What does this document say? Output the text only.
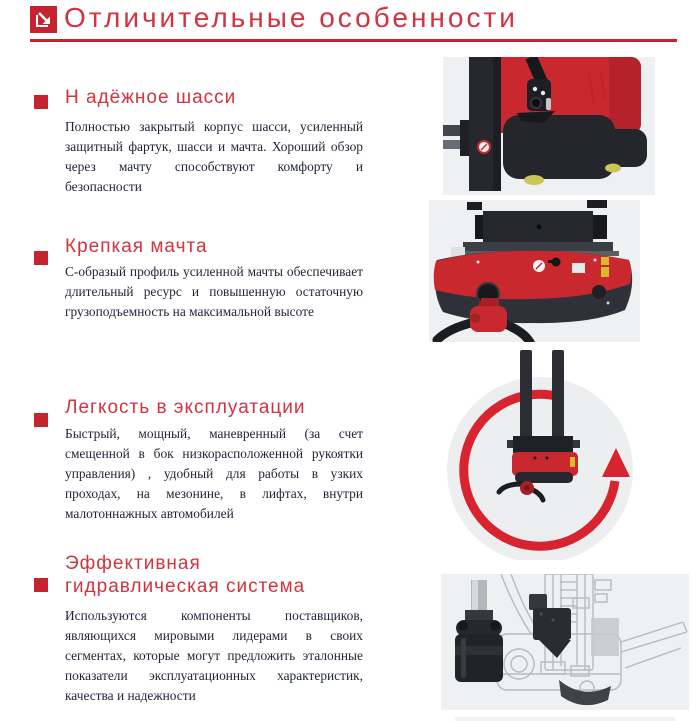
Отличительные особенности
Н адёжное шасси
Полностью закрытый корпус шасси, усиленный защитный фартук, шасси и мачта. Хороший обзор через мачту способствуют комфорту и безопасности
Крепкая мачта
С-образый профиль усиленной мачты обеспечивает длительный ресурс и повышенную остаточную грузоподъемность на максимальной высоте
Легкость в эксплуатации
Быстрый, мощный, маневренный (за счет смещенной в бок низкорасположенной рукоятки управления) , удобный для работы в узких проходах, на мезонине, в лифтах, внутри малотоннажных автомобилей
Эффективная гидравлическая система
Используются компоненты поставщиков, являющихся мировыми лидерами в своих сегментах, которые могут предложить эталонные показатели эксплуатационных характеристик, качества и надежности
